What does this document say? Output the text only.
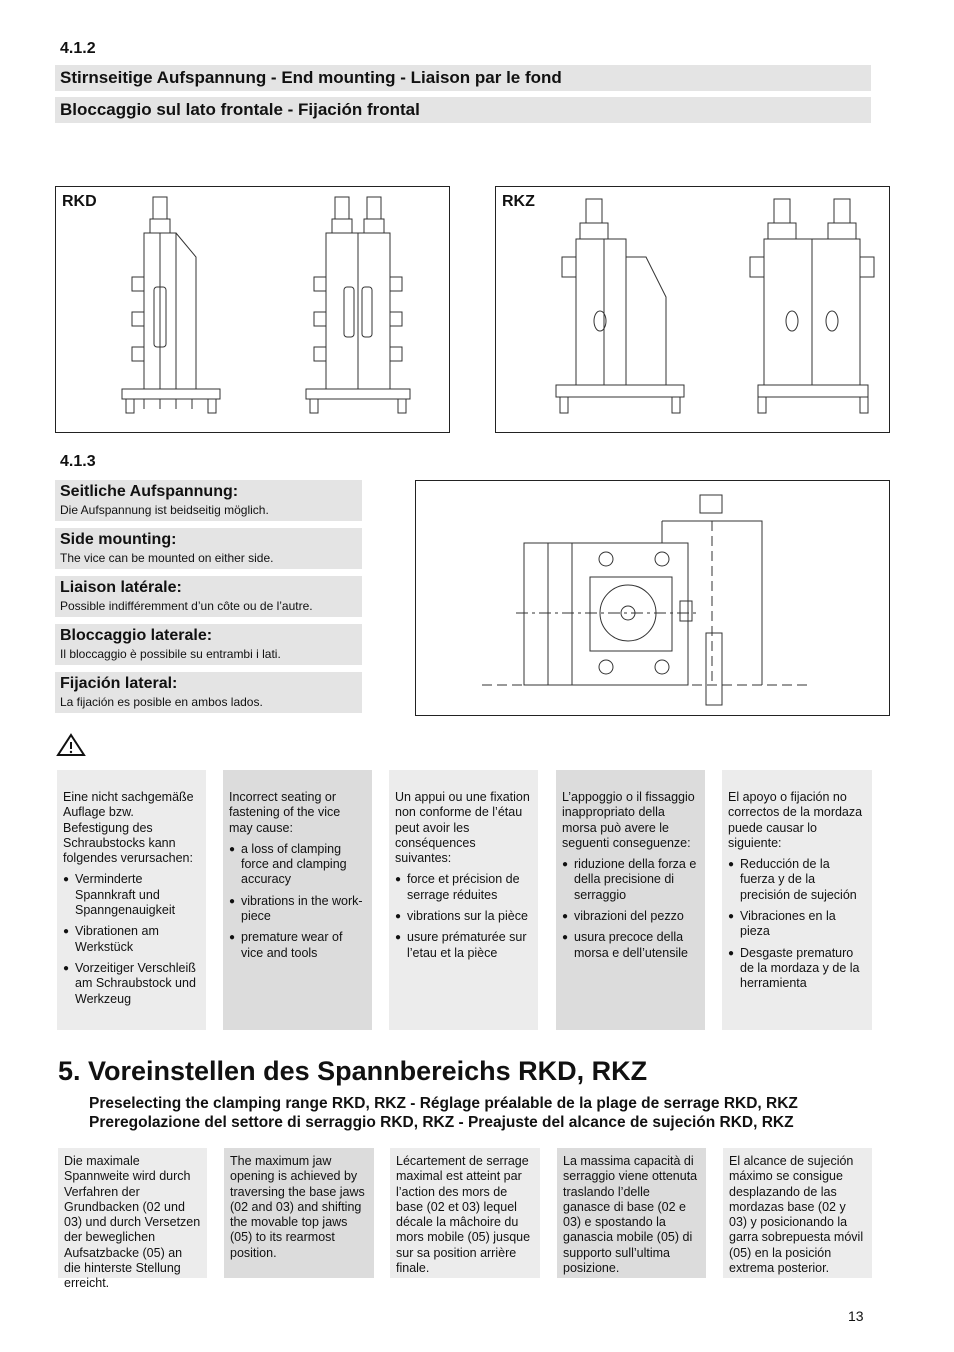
4.1.2
Stirnseitige Aufspannung - End mounting - Liaison par le fond
Bloccaggio sul lato frontale - Fijación frontal
RKD	RKZ
4.1.3
Seitliche Aufspannung:
Die Aufspannung ist beidseitig möglich.
Side mounting:
The vice can be mounted on either side.
Liaison latérale:
Possible indifféremment d’un côte ou de l’autre.
Bloccaggio laterale:
Il bloccaggio è possibile su entrambi i lati.
Fijación lateral:
La fijación es posible en ambos lados.

Eine nicht sachgemäße Auflage bzw. Befestigung des Schraubstocks kann folgendes verursachen:

● Verminderte Spannkraft und Spanngenauigkeit
● Vibrationen am Werkstück
● Vorzeitiger Verschleiß am Schraubstock und Werkzeug

Incorrect seating or fastening of the vice may cause:

● a loss of clamping force and clamping accuracy
● vibrations in the workpiece
● premature wear of vice and tools

Un appui ou une fixation non conforme de l’étau peut avoir les conséquences suivantes:

● force et précision de serrage réduites
● vibrations sur la pièce
● usure prématurée sur l’etau et la pièce

L’appoggio o il fissaggio inappropriato della morsa può avere le seguenti conseguenze:

● riduzione della forza e della precisione di serraggio
● vibrazioni del pezzo
● usura precoce della morsa e dell’utensile

El apoyo o fijación no correctos de la mordaza puede causar lo siguiente:

● Reducción de la fuerza y de la precisión de sujeción
● Vibraciones en la pieza
● Desgaste prematuro de la mordaza y de la herramienta
5. Voreinstellen des Spannbereichs RKD, RKZ
Preselecting the clamping range RKD, RKZ - Réglage préalable de la plage de serrage RKD, RKZ
Preregolazione del settore di serraggio RKD, RKZ - Preajuste del alcance de sujeción RKD, RKZ
Die maximale Spannweite wird durch Verfahren der Grundbacken (02 und 03) und durch Versetzen der beweglichen Aufsatzbacke (05) an die hinterste Stellung erreicht.
The maximum jaw opening is achieved by traversing the base jaws (02 and 03) and shifting the movable top jaws (05) to its rearmost position.
Lécartement de serrage maximal est atteint par l’action des mors de base (02 et 03) lequel décale la mâchoire du mors mobile (05) jusque sur sa position arrière finale.
La massima capacità di serraggio viene ottenuta traslando l’delle ganasce di base (02 e 03) e spostando la ganascia mobile (05) di supporto sull’ultima posizione.
El alcance de sujeción máximo se consigue desplazando de las mordazas base (02 y 03) y posicionando la garra sobrepuesta móvil (05) en la posición extrema posterior.
13
